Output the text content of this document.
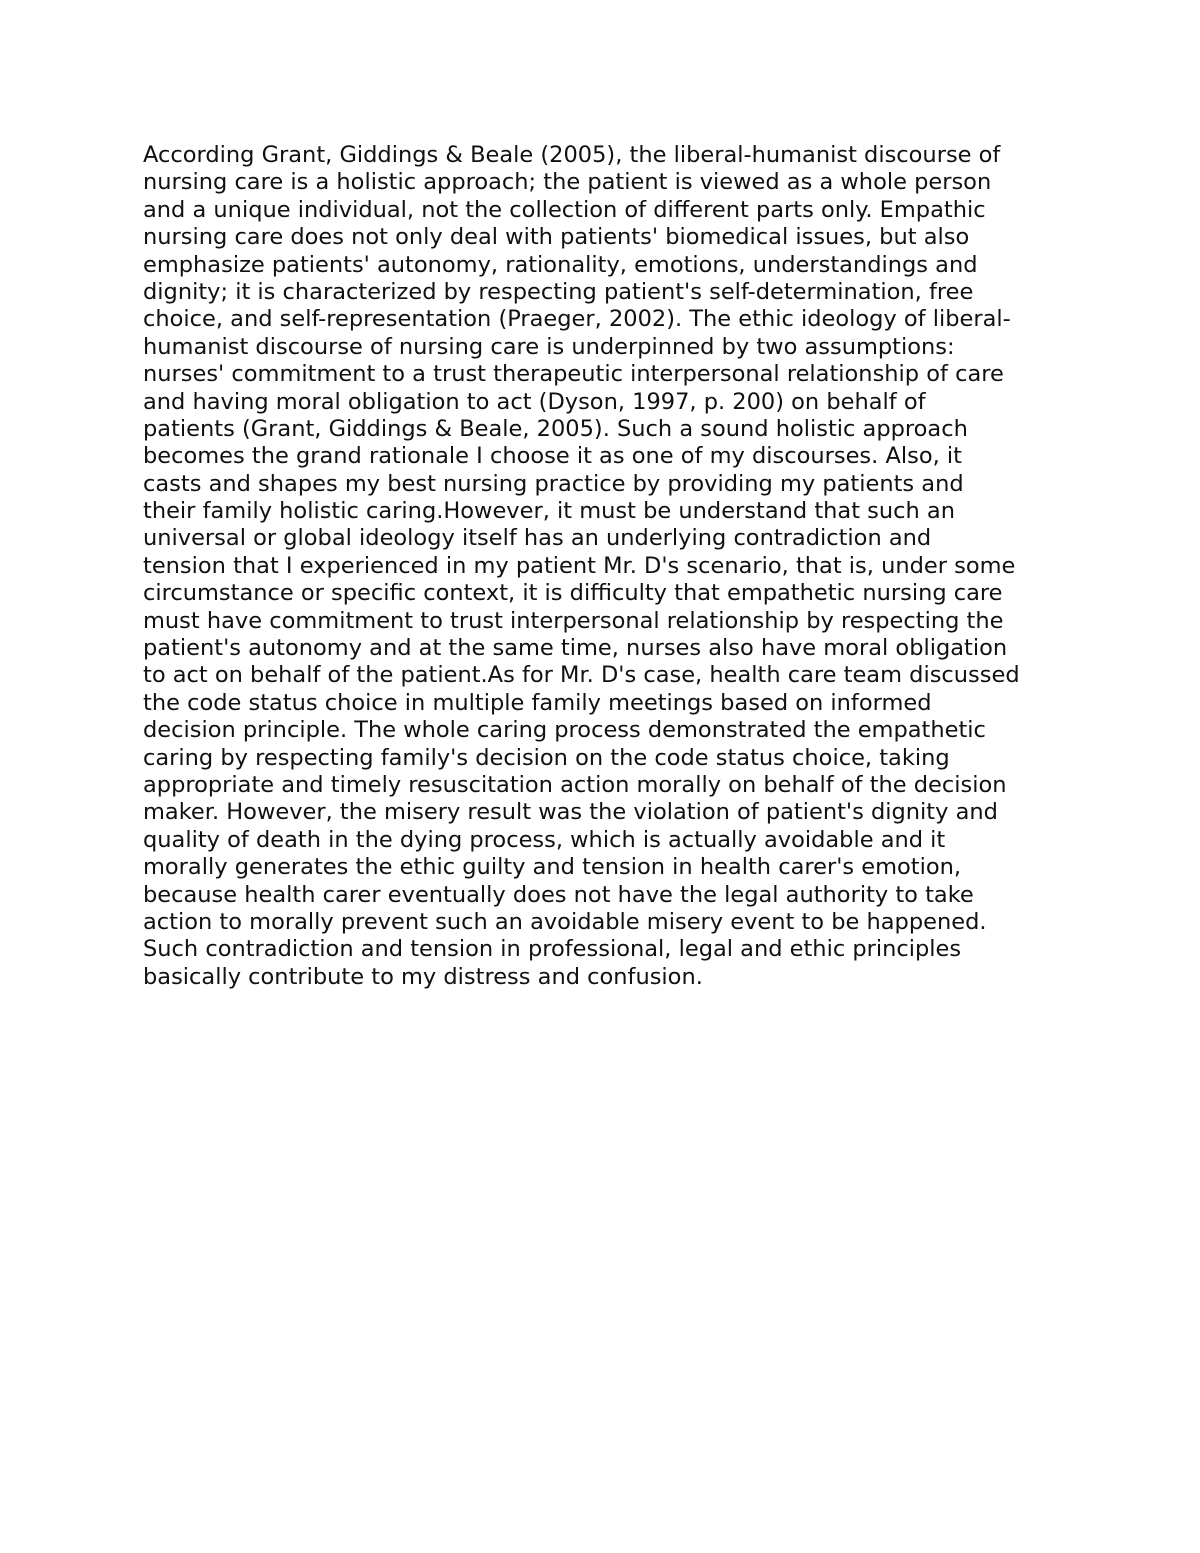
According Grant, Giddings & Beale (2005), the liberal-humanist discourse of
nursing care is a holistic approach; the patient is viewed as a whole person
and a unique individual, not the collection of different parts only. Empathic
nursing care does not only deal with patients' biomedical issues, but also
emphasize patients' autonomy, rationality, emotions, understandings and
dignity; it is characterized by respecting patient's self-determination, free
choice, and self-representation (Praeger, 2002). The ethic ideology of liberal-
humanist discourse of nursing care is underpinned by two assumptions:
nurses' commitment to a trust therapeutic interpersonal relationship of care
and having moral obligation to act (Dyson, 1997, p. 200) on behalf of
patients (Grant, Giddings & Beale, 2005). Such a sound holistic approach
becomes the grand rationale I choose it as one of my discourses. Also, it
casts and shapes my best nursing practice by providing my patients and
their family holistic caring.However, it must be understand that such an
universal or global ideology itself has an underlying contradiction and
tension that I experienced in my patient Mr. D's scenario, that is, under some
circumstance or specific context, it is difficulty that empathetic nursing care
must have commitment to trust interpersonal relationship by respecting the
patient's autonomy and at the same time, nurses also have moral obligation
to act on behalf of the patient.As for Mr. D's case, health care team discussed
the code status choice in multiple family meetings based on informed
decision principle. The whole caring process demonstrated the empathetic
caring by respecting family's decision on the code status choice, taking
appropriate and timely resuscitation action morally on behalf of the decision
maker. However, the misery result was the violation of patient's dignity and
quality of death in the dying process, which is actually avoidable and it
morally generates the ethic guilty and tension in health carer's emotion,
because health carer eventually does not have the legal authority to take
action to morally prevent such an avoidable misery event to be happened.
Such contradiction and tension in professional, legal and ethic principles
basically contribute to my distress and confusion.
